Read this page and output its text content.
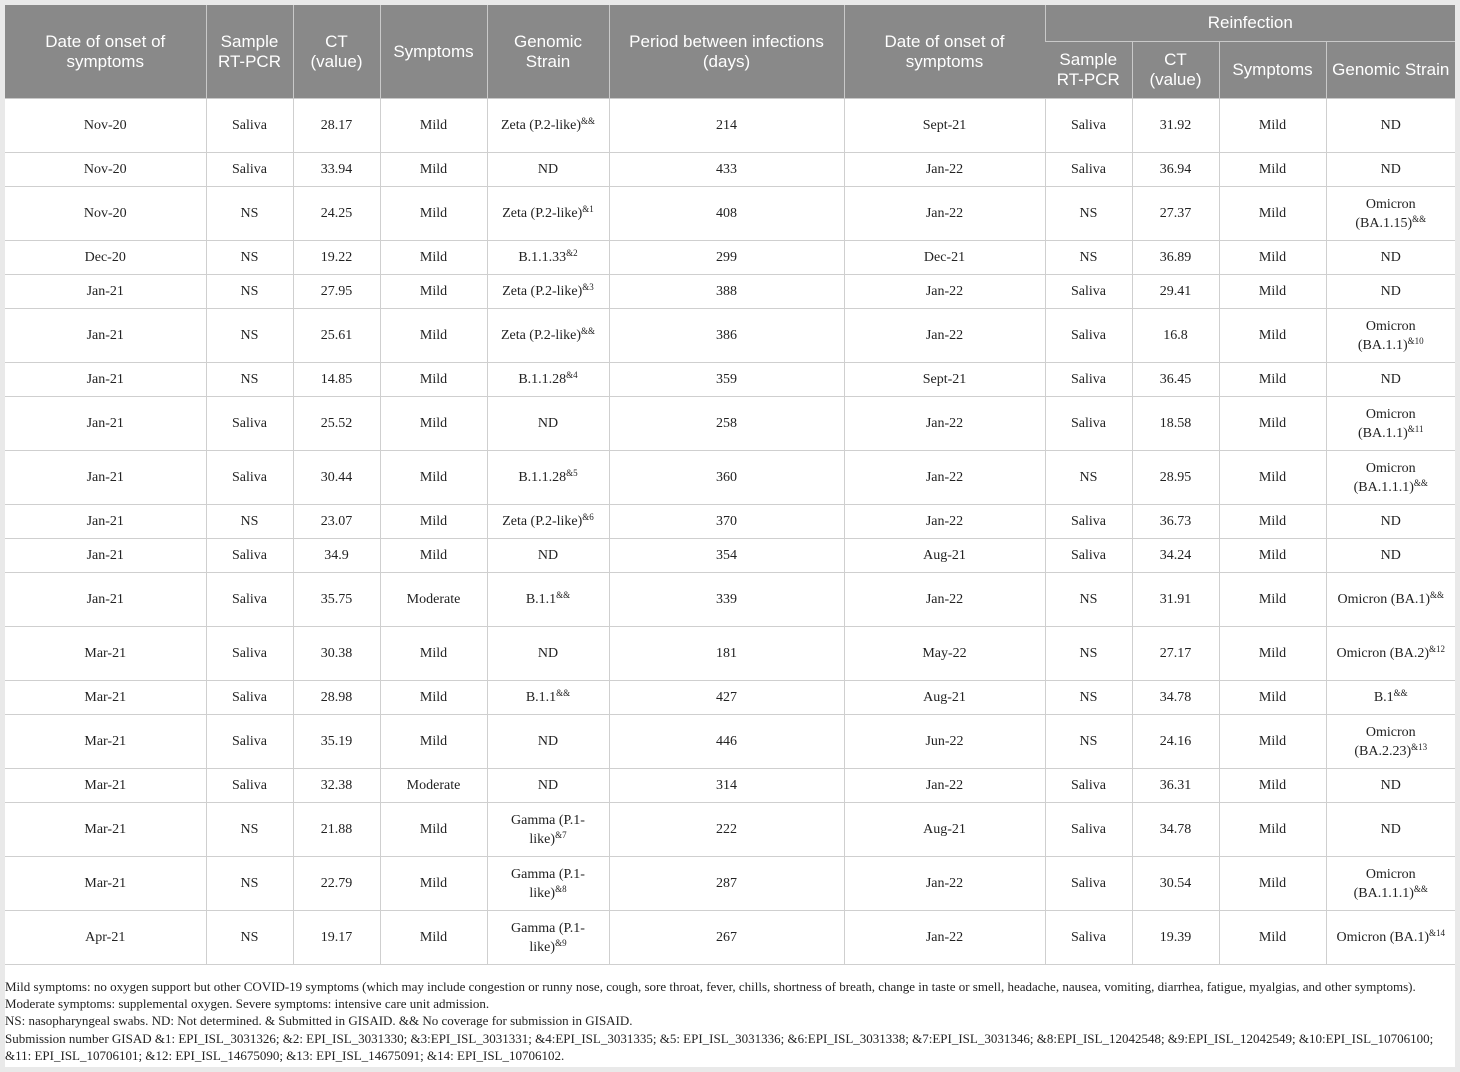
Date of onset of symptoms	Sample RT-PCR	CT (value)	Symptoms	Genomic Strain	Period between infections (days)	Date of onset of symptoms	Reinfection			
							Sample RT-PCR	CT (value)	Symptoms	Genomic Strain
Nov-20	Saliva	28.17	Mild	Zeta (P.2-like)&&	214	Sept-21	Saliva	31.92	Mild	ND
Nov-20	Saliva	33.94	Mild	ND	433	Jan-22	Saliva	36.94	Mild	ND
Nov-20	NS	24.25	Mild	Zeta (P.2-like)$^{\&1}$	408	Jan-22	NS	27.37	Mild	Omicron (BA.1.15)&&
Dec-20	NS	19.22	Mild	$B.1.1.33^{\&2}$	299	Dec-21	NS	36.89	Mild	ND
Jan-21	NS	27.95	Mild	Zeta (P.2-like)$^{\&3}$	388	Jan-22	Saliva	29.41	Mild	ND
Jan-21	NS	25.61	Mild	Zeta (P.2-like)&&	386	Jan-22	Saliva	16.8	Mild	Omicron $(BA.1.1)^{\&10}$
Jan-21	NS	14.85	Mild	$B.1.1.28^{\&4}$	359	Sept-21	Saliva	36.45	Mild	ND
Jan-21	Saliva	25.52	Mild	ND	258	Jan-22	Saliva	18.58	Mild	Omicron $(BA.1.1)^{\&11}$
Jan-21	Saliva	30.44	Mild	$B.1.1.28^{\&5}$	360	Jan-22	NS	28.95	Mild	Omicron (BA.1.1.1)&&
Jan-21	NS	23.07	Mild	Zeta (P.2-like)$^{\&6}$	370	Jan-22	Saliva	36.73	Mild	ND
Jan-21	Saliva	34.9	Mild	ND	354	Aug-21	Saliva	34.24	Mild	ND
Jan-21	Saliva	35.75	Moderate	B.1.1&&	339	Jan-22	NS	31.91	Mild	Omicron (BA.1)&&
Mar-21	Saliva	30.38	Mild	ND	181	May-22	NS	27.17	Mild	Omicron $(BA.2)^{\&12}$
Mar-21	Saliva	28.98	Mild	B.1.1&&	427	Aug-21	NS	34.78	Mild	B.1&&
Mar-21	Saliva	35.19	Mild	ND	446	Jun-22	NS	24.16	Mild	Omicron $(BA.2.23)^{\&13}$
Mar-21	Saliva	32.38	Moderate	ND	314	Jan-22	Saliva	36.31	Mild	ND
Mar-21	NS	21.88	Mild	Gamma (P.1-like)$^{\&7}$	222	Aug-21	Saliva	34.78	Mild	ND
Mar-21	NS	22.79	Mild	Gamma (P.1-like)$^{\&8}$	287	Jan-22	Saliva	30.54	Mild	Omicron (BA.1.1.1)&&
Apr-21	NS	19.17	Mild	Gamma (P.1-like)$^{\&9}$	267	Jan-22	Saliva	19.39	Mild	Omicron $(BA.1)^{\&14}$

Mild symptoms: no oxygen support but other COVID-19 symptoms (which may include congestion or runny nose, cough, sore throat, fever, chills, shortness of breath, change in taste or smell, headache, nausea, vomiting, diarrhea, fatigue, myalgias, and other symptoms).

Moderate symptoms: supplemental oxygen. Severe symptoms: intensive care unit admission.

NS: nasopharyngeal swabs. ND: Not determined. & Submitted in GISAID. && No coverage for submission in GISAID.

Submission number GISAD &1: EPI_ISL_3031326; &2: EPI_ISL_3031330; &3:EPI_ISL_3031331; &4:EPI_ISL_3031335; &5: EPI_ISL_3031336; &6:EPI_ISL_3031338; &7:EPI_ISL_3031346; &8:EPI_ISL_12042548; &9:EPI_ISL_12042549; &10:EPI_ISL_10706100; &11: EPI_ISL_10706101; &12: EPI_ISL_14675090; &13: EPI_ISL_14675091; &14: EPI_ISL_10706102.
